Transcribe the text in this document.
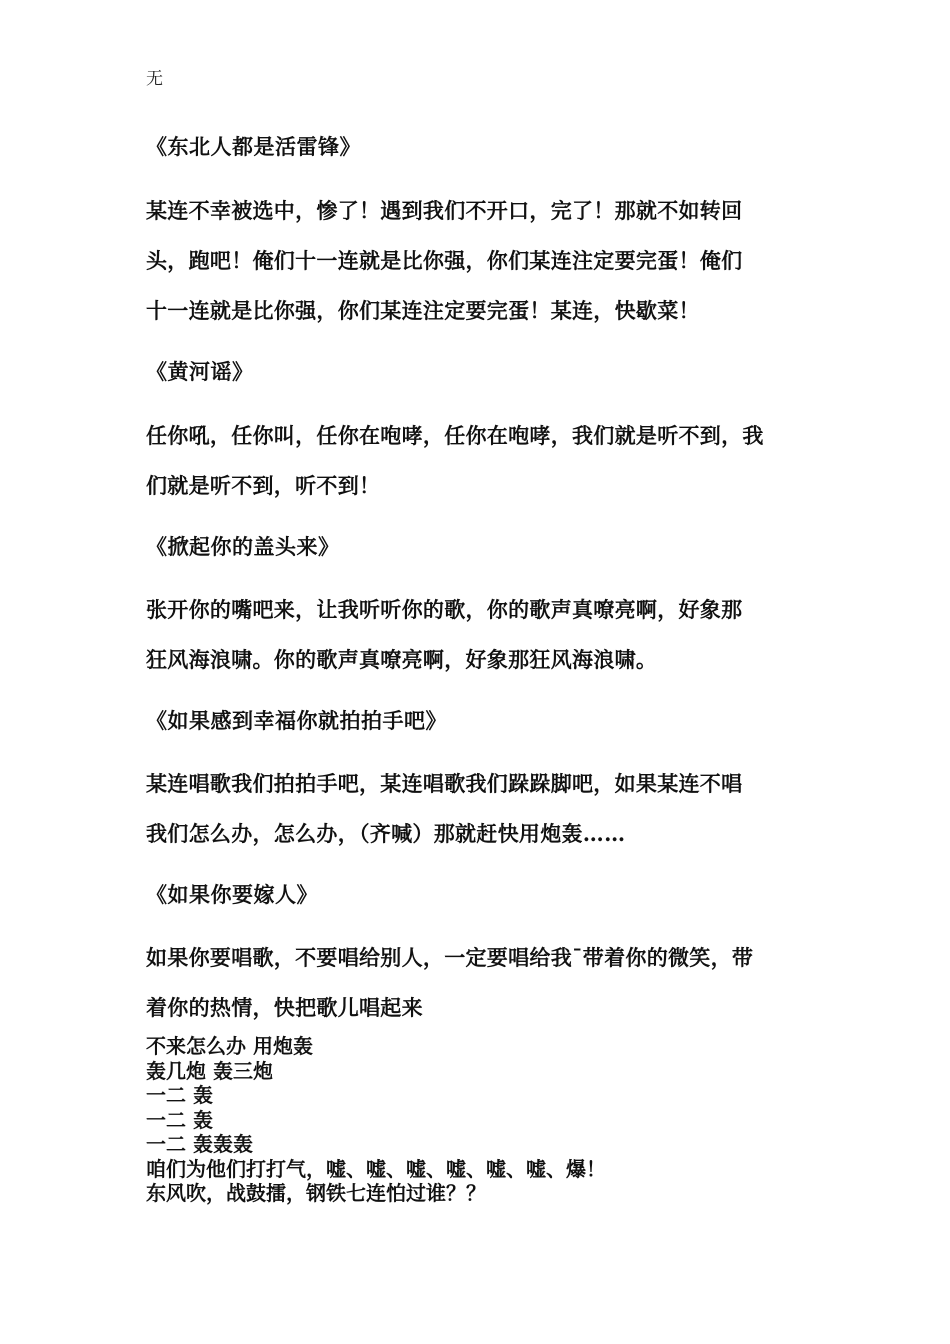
无

《东北人都是活雷锋》

某连不幸被选中，惨了！遇到我们不开口，完了！那就不如转回
头，跑吧！俺们十一连就是比你强，你们某连注定要完蛋！俺们
十一连就是比你强，你们某连注定要完蛋！某连，快歇菜！

《黄河谣》

任你吼，任你叫，任你在咆哮，任你在咆哮，我们就是听不到，我
们就是听不到，听不到！

《掀起你的盖头来》

张开你的嘴吧来，让我听听你的歌，你的歌声真嘹亮啊，好象那
狂风海浪啸。你的歌声真嘹亮啊，好象那狂风海浪啸。

《如果感到幸福你就拍拍手吧》

某连唱歌我们拍拍手吧，某连唱歌我们跺跺脚吧，如果某连不唱
我们怎么办，怎么办，（齐喊）那就赶快用炮轰……

《如果你要嫁人》

如果你要唱歌，不要唱给别人，一定要唱给我¯带着你的微笑，带
着你的热情，快把歌儿唱起来

不来怎么办 用炮轰
轰几炮 轰三炮
一二 轰
一二 轰
一二 轰轰轰
咱们为他们打打气，嘘、嘘、嘘、嘘、嘘、嘘、爆！
东风吹，战鼓擂，钢铁七连怕过谁？？
